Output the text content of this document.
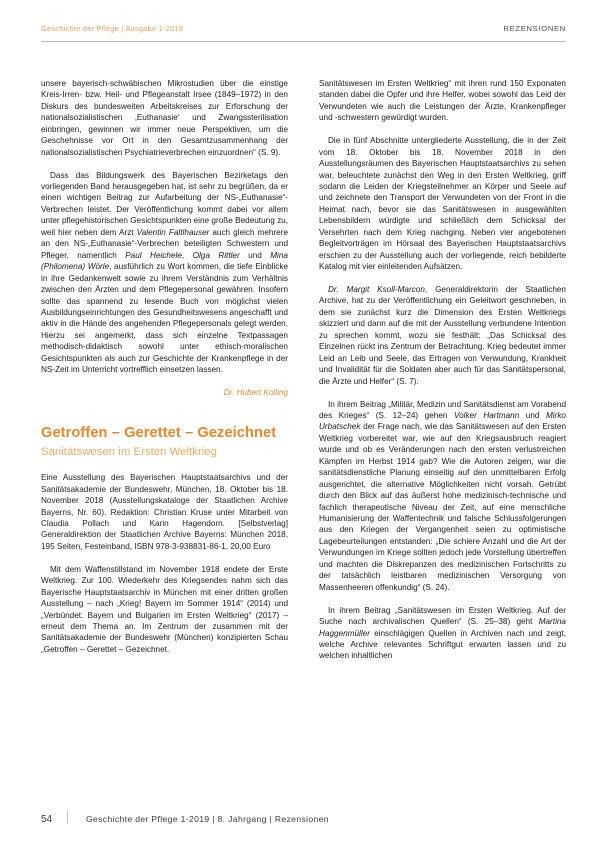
Geschichte der Pflege | Ausgabe 1-2019	REZENSIONEN

unsere bayerisch-schwäbischen Mikrostudien über die einstige Kreis-Irren- bzw. Heil- und Pflegeanstalt Irsee (1849–1972) in den Diskurs des bundesweiten Arbeitskreises zur Erforschung der nationalsozialistischen ‚Euthanasie‘ und Zwangssterilisation einbringen, gewinnen wir immer neue Perspektiven, um die Geschehnisse vor Ort in den Gesamtzusammenhang der nationalsozialistischen Psychiatrieverbrechen einzuordnen“ (S. 9).

Dass das Bildungswerk des Bayerischen Bezirketags den vorliegenden Band herausgegeben hat, ist sehr zu begrüßen, da er einen wichtigen Beitrag zur Aufarbeitung der NS-„Euthanasie“-Verbrechen leistet. Der Veröffentlichung kommt dabei vor allem unter pflegehistorischen Gesichtspunkten eine große Bedeutung zu, weil hier neben dem Arzt Valentin Faltlhauser auch gleich mehrere an den NS-„Euthanasie“-Verbrechen beteiligten Schwestern und Pfleger, namentlich Paul Heichele, Olga Rittler und Mina (Philomena) Wörle, ausführlich zu Wort kommen, die tiefe Einblicke in ihre Gedankenwelt sowie zu ihrem Verständnis zum Verhältnis zwischen den Ärzten und dem Pflegepersonal gewähren. Insofern sollte das spannend zu lesende Buch von möglichst vielen Ausbildungseinrichtungen des Gesundheitswesens angeschafft und aktiv in die Hände des angehenden Pflegepersonals gelegt werden. Hierzu sei angemerkt, dass sich einzelne Textpassagen methodisch-didaktisch sowohl unter ethisch-moralischen Gesichtspunkten als auch zur Geschichte der Krankenpflege in der NS-Zeit im Unterricht vortrefflich einsetzen lassen.

Dr. Hubert Kolling
Getroffen – Gerettet – Gezeichnet
Sanitätswesen im Ersten Weltkrieg
Eine Ausstellung des Bayerischen Hauptstaatsarchivs und der Sanitätsakademie der Bundeswehr, München, 18. Oktober bis 18. November 2018 (Ausstellungskataloge der Staatlichen Archive Bayerns, Nr. 60). Redaktion: Christian Kruse unter Mitarbeit von Claudia Pollach und Karin Hagendorn. [Selbstverlag] Generaldirektion der Staatlichen Archive Bayerns: München 2018, 195 Seiten, Festeinband, ISBN 978-3-938831-86-1, 20,00 Euro

Mit dem Waffenstillstand im November 1918 endete der Erste Weltkrieg. Zur 100. Wiederkehr des Kriegsendes nahm sich das Bayerische Hauptstaatsarchiv in München mit einer dritten großen Ausstellung – nach „Krieg! Bayern im Sommer 1914“ (2014) und „Verbündet. Bayern und Bulgarien im Ersten Weltkrieg“ (2017) – erneut dem Thema an. Im Zentrum der zusammen mit der Sanitätsakademie der Bundeswehr (München) konzipierten Schau „Getroffen – Gerettet – Gezeichnet.

Sanitätswesen im Ersten Weltkrieg“ mit ihren rund 150 Exponaten standen dabei die Opfer und ihre Helfer, wobei sowohl das Leid der Verwundeten wie auch die Leistungen der Ärzte, Krankenpfleger und -schwestern gewürdigt wurden.

Die in fünf Abschnitte untergliederte Ausstellung, die in der Zeit vom 18. Oktober bis 18. November 2018 in den Ausstellungsräumen des Bayerischen Hauptstaatsarchivs zu sehen war, beleuchtete zunächst den Weg in den Ersten Weltkrieg, griff sodann die Leiden der Kriegsteilnehmer an Körper und Seele auf und zeichnete den Transport der Verwundeten von der Front in die Heimat nach, bevor sie das Sanitätswesen in ausgewählten Lebensbildern würdigte und schließlich dem Schicksal der Versehrten nach dem Krieg nachging. Neben vier angebotenen Begleitvorträgen im Hörsaal des Bayerischen Hauptstaatsarchivs erschien zu der Ausstellung auch der vorliegende, reich bebilderte Katalog mit vier einleitenden Aufsätzen.

Dr. Margit Ksoll-Marcon, Generaldirektorin der Staatlichen Archive, hat zu der Veröffentlichung ein Geleitwort geschrieben, in dem sie zunächst kurz die Dimension des Ersten Weltkriegs skizziert und dann auf die mit der Ausstellung verbundene Intention zu sprechen kommt, wozu sie festhält: „Das Schicksal des Einzelnen rückt ins Zentrum der Betrachtung. Krieg bedeutet immer Leid an Leib und Seele, das Ertragen von Verwundung, Krankheit und Invalidität für die Soldaten aber auch für das Sanitätspersonal, die Ärzte und Helfer“ (S. 7).

In ihrem Beitrag „Militär, Medizin und Sanitätsdienst am Vorabend des Krieges“ (S. 12–24) gehen Volker Hartmann und Mirko Urbatschek der Frage nach, wie das Sanitätswesen auf den Ersten Weltkrieg vorbereitet war, wie auf den Kriegsausbruch reagiert wurde und ob es Veränderungen nach den ersten verlustreichen Kämpfen im Herbst 1914 gab? Wie die Autoren zeigen, war die sanitätsdienstliche Planung einseitig auf den unmittelbaren Erfolg ausgerichtet, die alternative Möglichkeiten nicht vorsah. Getrübt durch den Blick auf das äußerst hohe medizinisch-technische und fachlich therapeutische Niveau der Zeit, auf eine menschliche Humanisierung der Waffentechnik und falsche Schlussfolgerungen aus den Kriegen der Vergangenheit seien zu optimistische Lagebeurteilungen entstanden: „Die schiere Anzahl und die Art der Verwundungen im Kriege sollten jedoch jede Vorstellung übertreffen und machten die Diskrepanzen des medizinischen Fortschritts zu der tatsächlich leistbaren medizinischen Versorgung von Massenheeren offenkundig“ (S. 24).

In ihrem Beitrag „Sanitätswesen im Ersten Weltkrieg. Auf der Suche nach archivalischen Quellen“ (S. 25–38) geht Martina Haggenmüller einschlägigen Quellen in Archiven nach und zeigt, welche Archive relevantes Schriftgut erwarten lassen und zu welchen inhaltlichen

54	Geschichte der Pflege 1-2019 | 8. Jahrgang | Rezensionen
